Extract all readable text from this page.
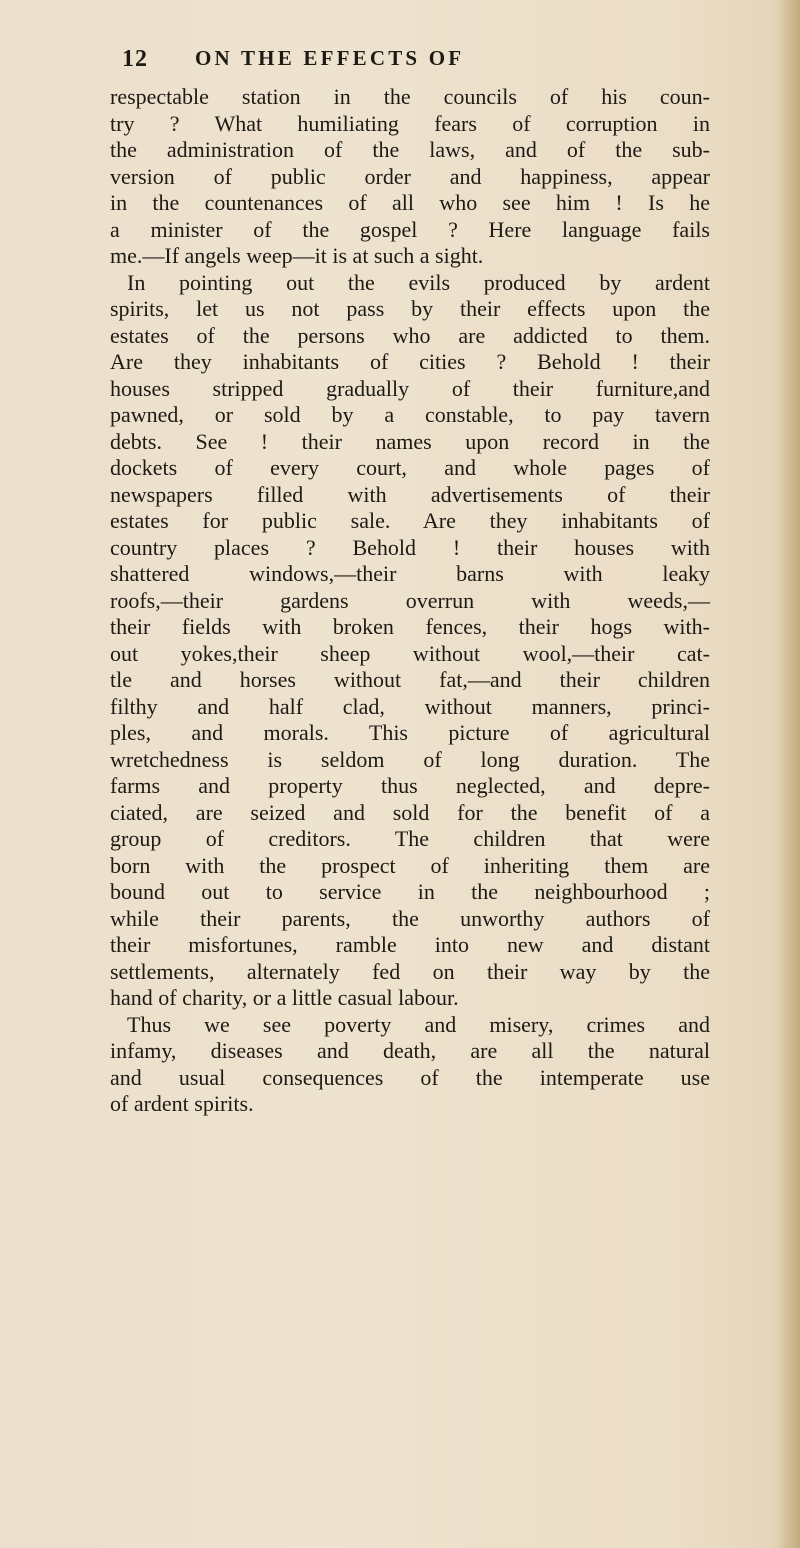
12 ON THE EFFECTS OF
respectable station in the councils of his coun-
try ? What humiliating fears of corruption in
the administration of the laws, and of the sub-
version of public order and happiness, appear
in the countenances of all who see him ! Is he
a minister of the gospel ? Here language fails
me.—If angels weep—it is at such a sight.
In pointing out the evils produced by ardent
spirits, let us not pass by their effects upon the
estates of the persons who are addicted to them.
Are they inhabitants of cities ? Behold ! their
houses stripped gradually of their furniture,and
pawned, or sold by a constable, to pay tavern
debts. See ! their names upon record in the
dockets of every court, and whole pages of
newspapers filled with advertisements of their
estates for public sale. Are they inhabitants of
country places ? Behold ! their houses with
shattered windows,—their barns with leaky
roofs,—their gardens overrun with weeds,—
their fields with broken fences, their hogs with-
out yokes,their sheep without wool,—their cat-
tle and horses without fat,—and their children
filthy and half clad, without manners, princi-
ples, and morals. This picture of agricultural
wretchedness is seldom of long duration. The
farms and property thus neglected, and depre-
ciated, are seized and sold for the benefit of a
group of creditors. The children that were
born with the prospect of inheriting them are
bound out to service in the neighbourhood ;
while their parents, the unworthy authors of
their misfortunes, ramble into new and distant
settlements, alternately fed on their way by the
hand of charity, or a little casual labour.
Thus we see poverty and misery, crimes and
infamy, diseases and death, are all the natural
and usual consequences of the intemperate use
of ardent spirits.
